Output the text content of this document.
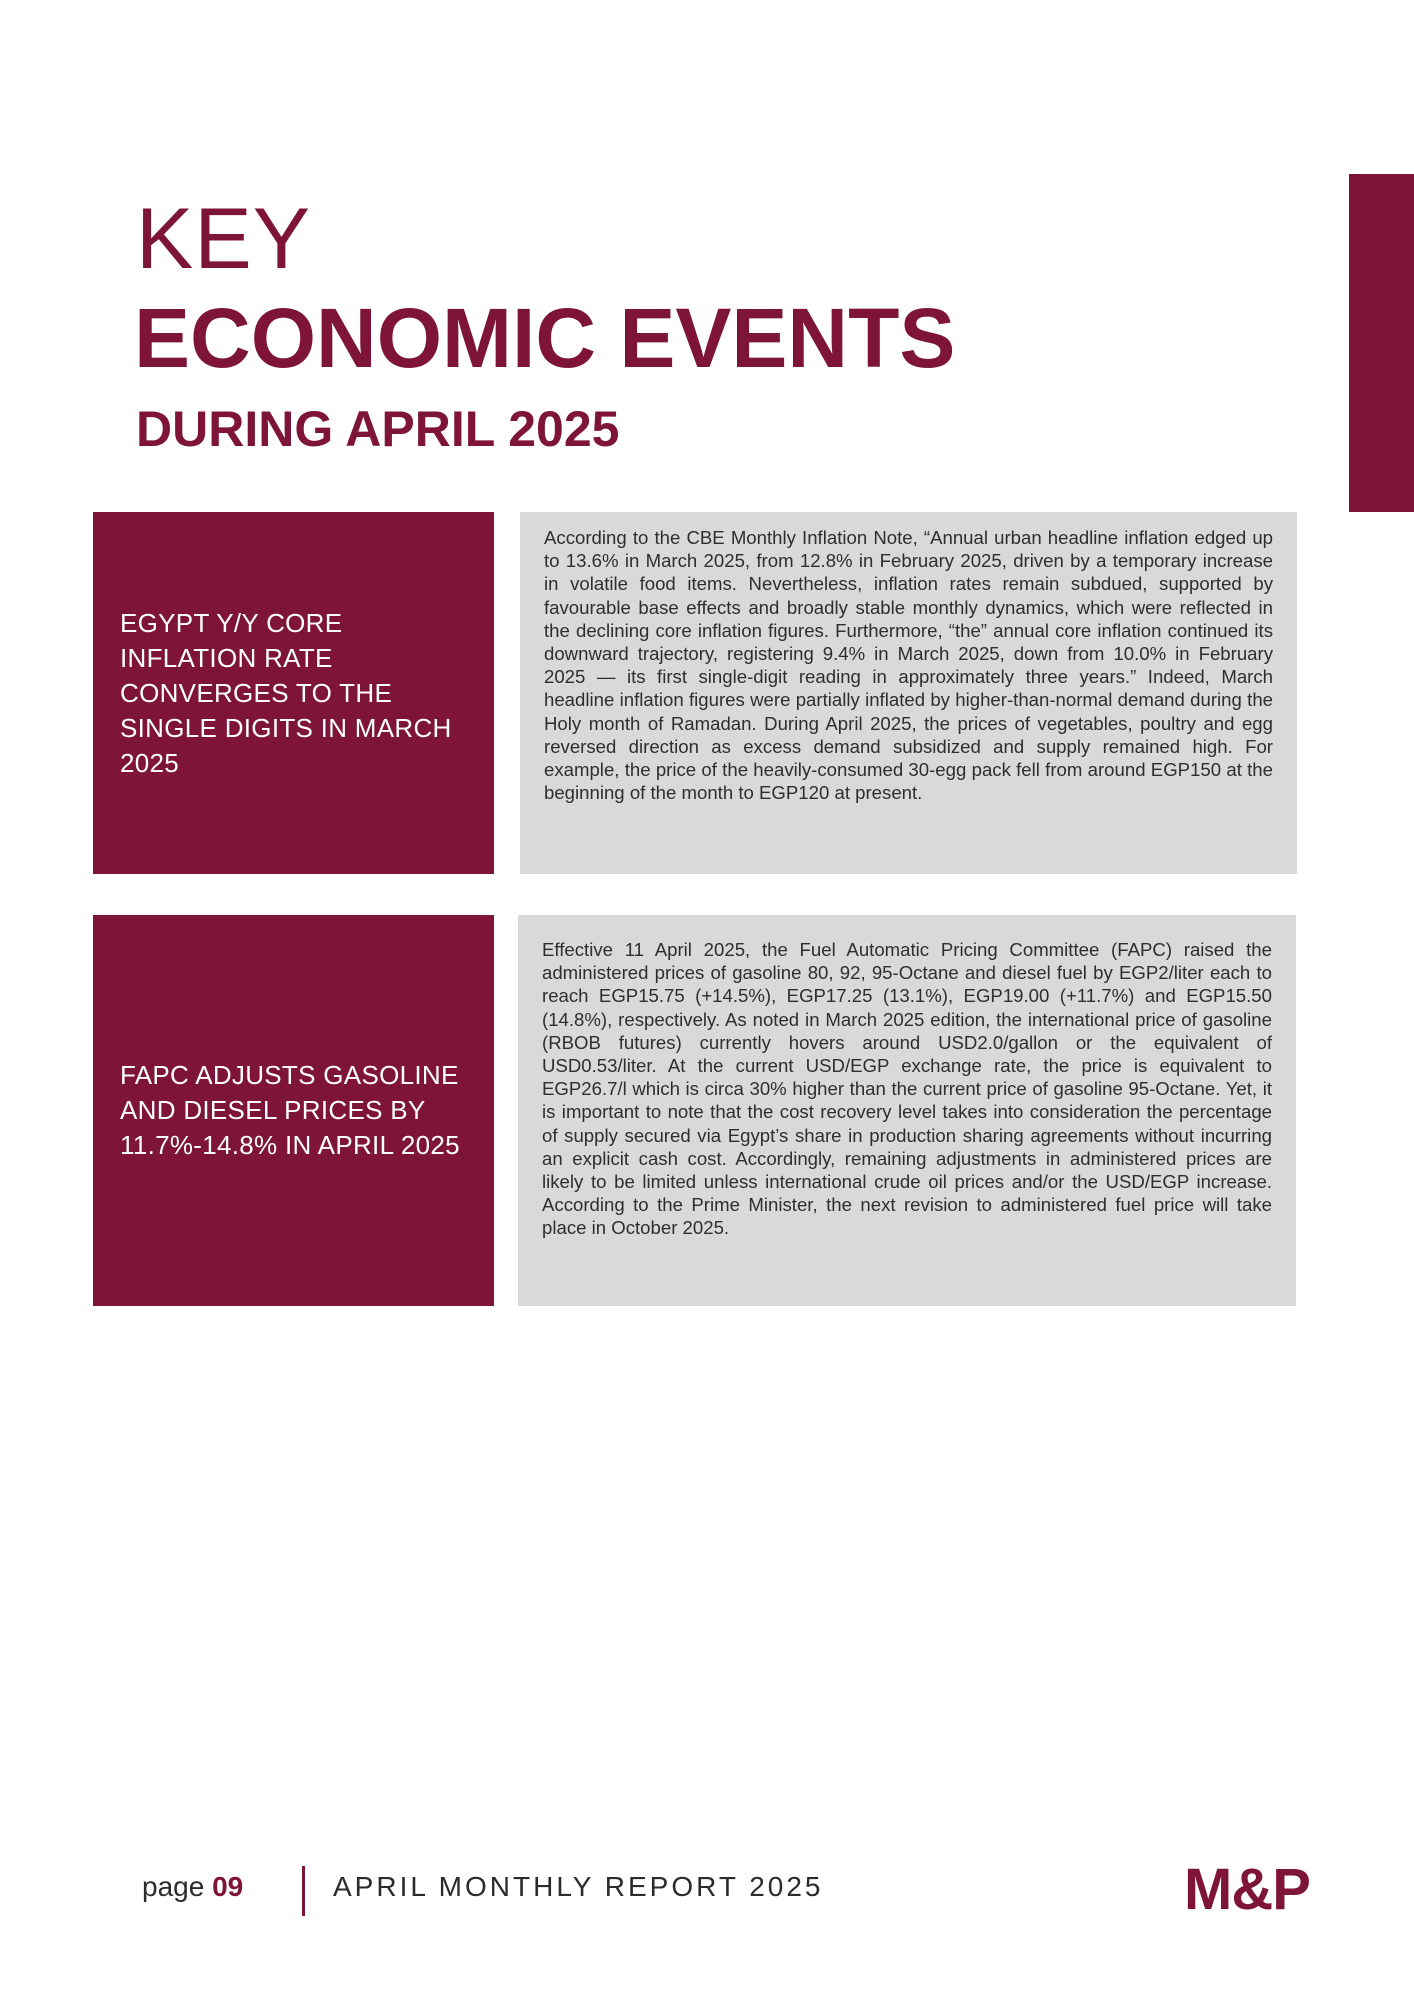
KEY
ECONOMIC EVENTS
DURING APRIL 2025
EGYPT Y/Y CORE INFLATION RATE CONVERGES TO THE SINGLE DIGITS IN MARCH 2025

According to the CBE Monthly Inflation Note, “Annual urban headline inflation edged up to 13.6% in March 2025, from 12.8% in February 2025, driven by a temporary increase in volatile food items. Nevertheless, inflation rates remain subdued, supported by favourable base effects and broadly stable monthly dynamics, which were reflected in the declining core inflation figures. Furthermore, “the” annual core inflation continued its downward trajectory, registering 9.4% in March 2025, down from 10.0% in February 2025 — its first single-digit reading in approximately three years.” Indeed, March headline inflation figures were partially inflated by higher-than-normal demand during the Holy month of Ramadan. During April 2025, the prices of vegetables, poultry and egg reversed direction as excess demand subsidized and supply remained high. For example, the price of the heavily-consumed 30-egg pack fell from around EGP150 at the beginning of the month to EGP120 at present.

FAPC ADJUSTS GASOLINE AND DIESEL PRICES BY 11.7%-14.8% IN APRIL 2025

Effective 11 April 2025, the Fuel Automatic Pricing Committee (FAPC) raised the administered prices of gasoline 80, 92, 95-Octane and diesel fuel by EGP2/liter each to reach EGP15.75 (+14.5%), EGP17.25 (13.1%), EGP19.00 (+11.7%) and EGP15.50 (14.8%), respectively. As noted in March 2025 edition, the international price of gasoline (RBOB futures) currently hovers around USD2.0/gallon or the equivalent of USD0.53/liter. At the current USD/EGP exchange rate, the price is equivalent to EGP26.7/l which is circa 30% higher than the current price of gasoline 95-Octane. Yet, it is important to note that the cost recovery level takes into consideration the percentage of supply secured via Egypt’s share in production sharing agreements without incurring an explicit cash cost. Accordingly, remaining adjustments in administered prices are likely to be limited unless international crude oil prices and/or the USD/EGP increase. According to the Prime Minister, the next revision to administered fuel price will take place in October 2025.

page 09	APRIL MONTHLY REPORT 2025	M&P
